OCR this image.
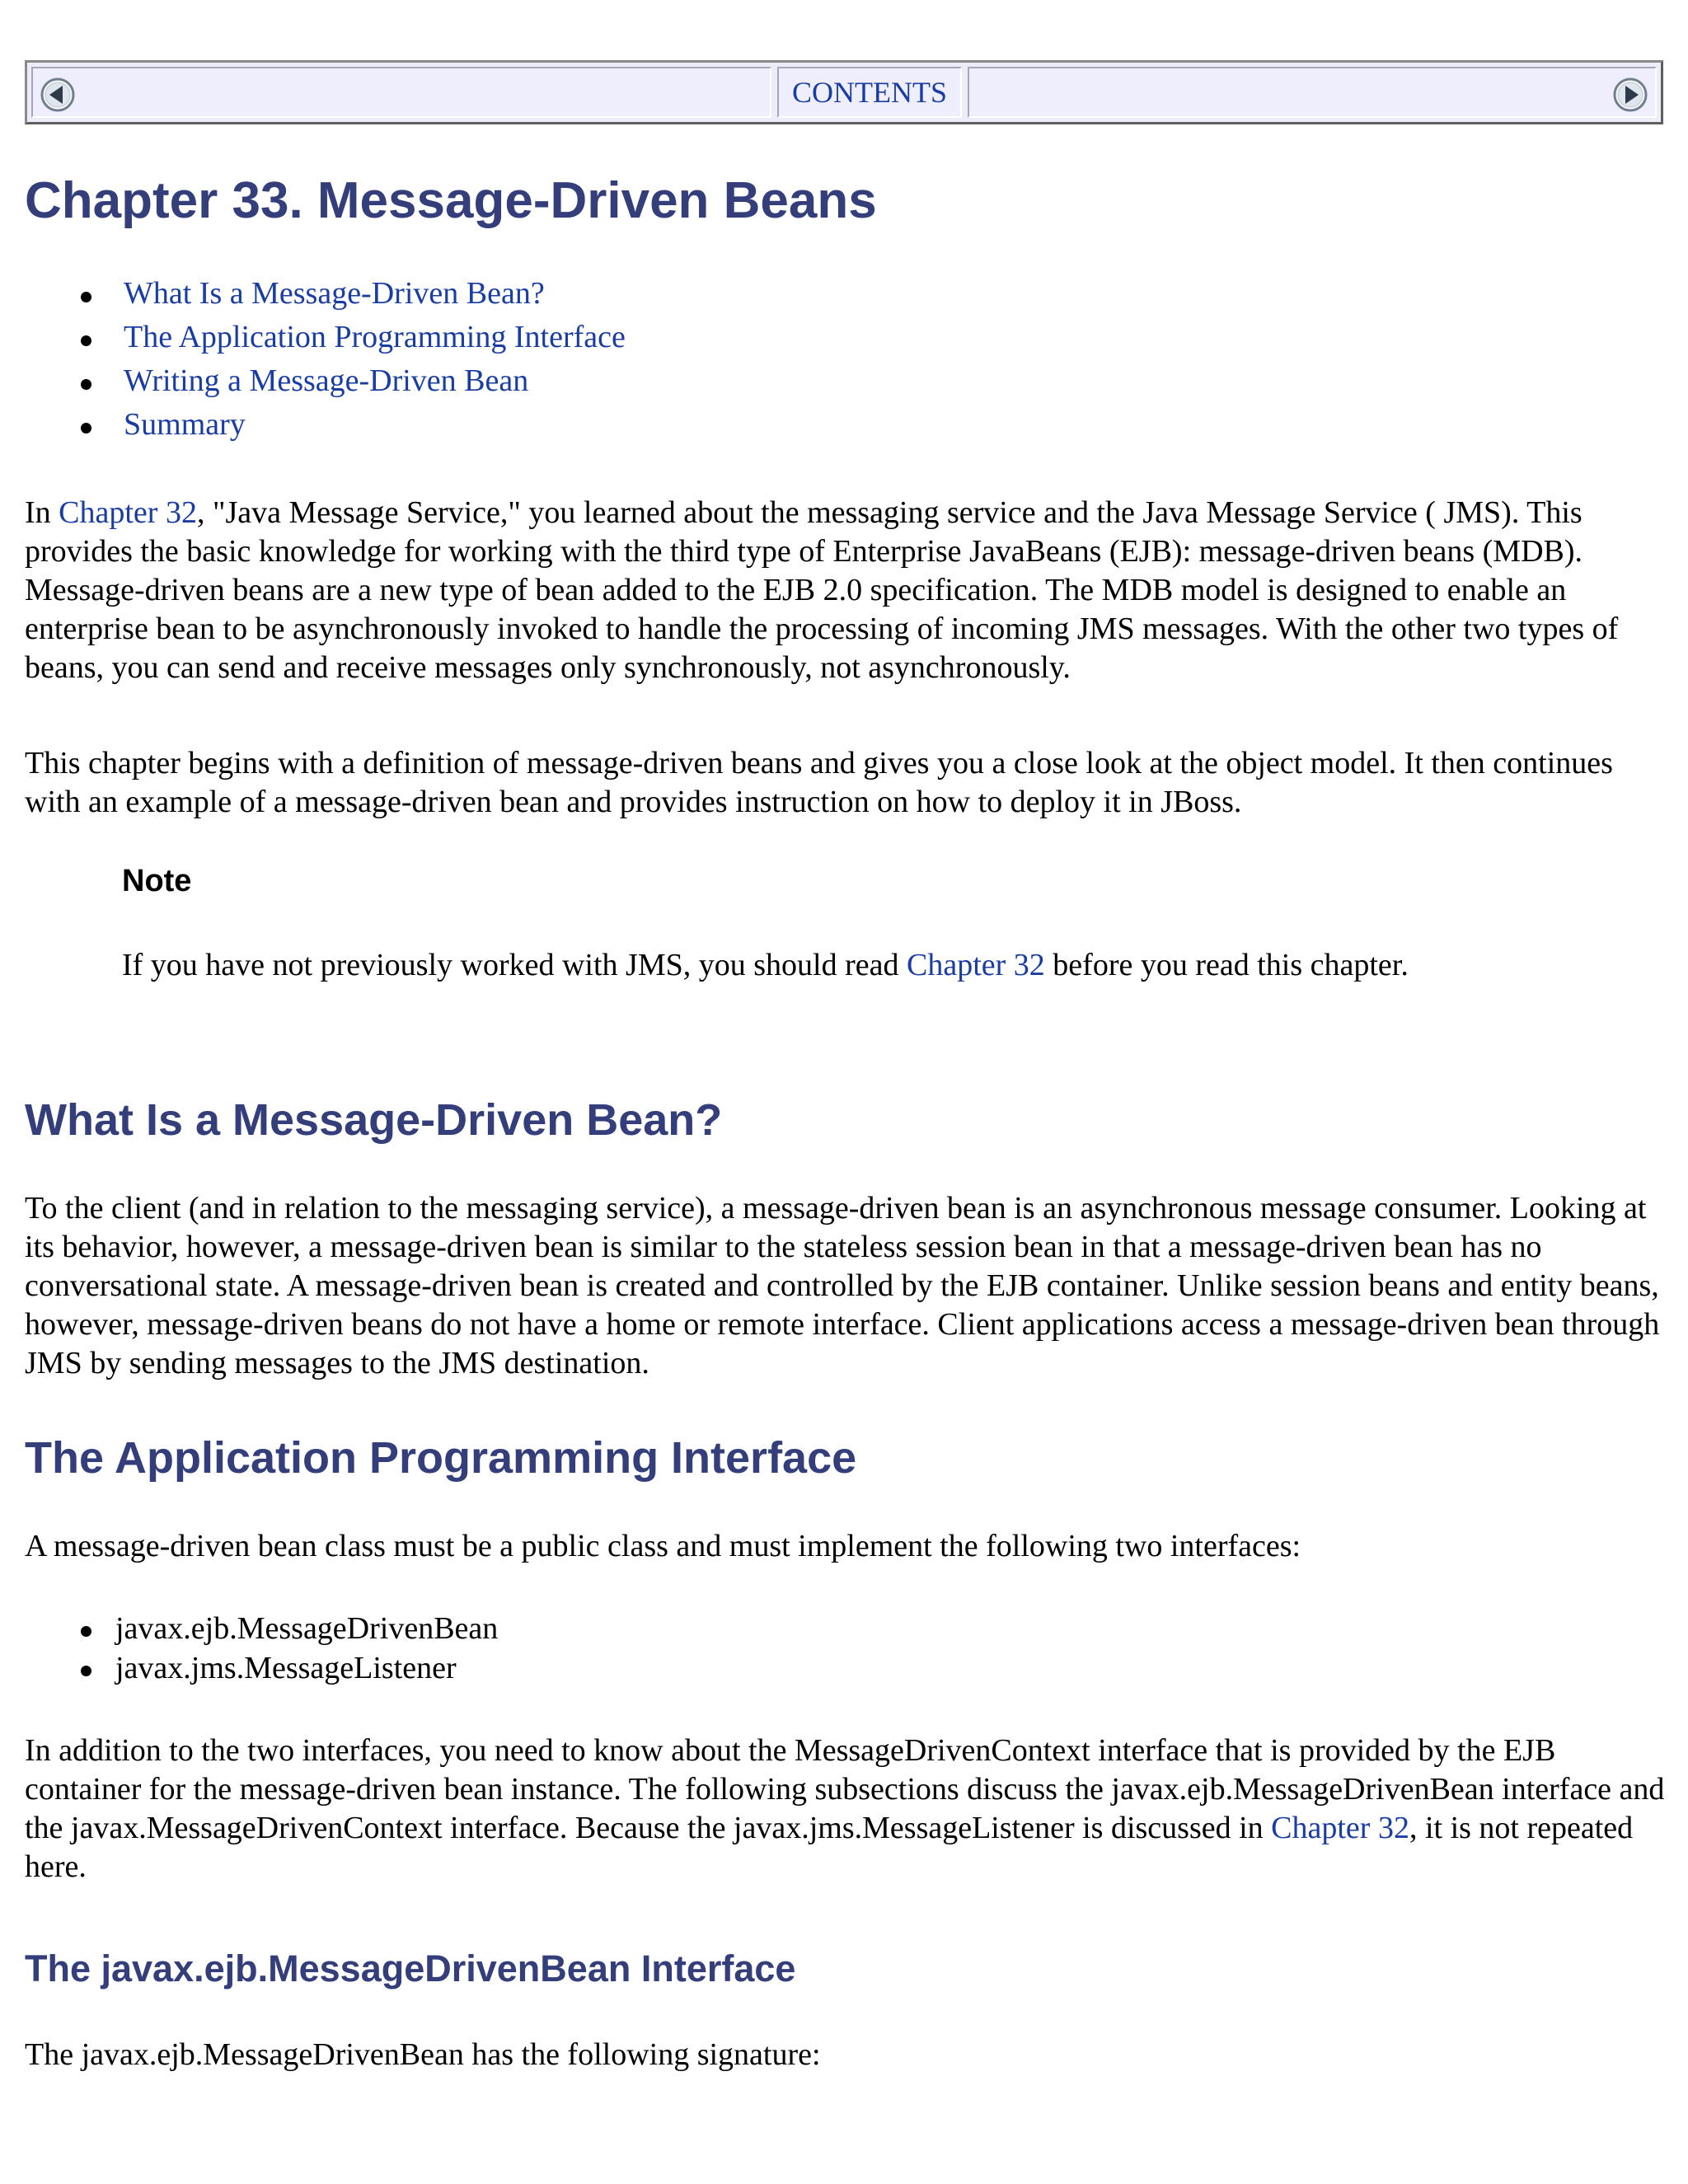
CONTENTS
Chapter 33. Message-Driven Beans
What Is a Message-Driven Bean?
The Application Programming Interface
Writing a Message-Driven Bean
Summary

In Chapter 32, "Java Message Service," you learned about the messaging service and the Java Message Service ( JMS). This provides the basic knowledge for working with the third type of Enterprise JavaBeans (EJB): message-driven beans (MDB). Message-driven beans are a new type of bean added to the EJB 2.0 specification. The MDB model is designed to enable an enterprise bean to be asynchronously invoked to handle the processing of incoming JMS messages. With the other two types of beans, you can send and receive messages only synchronously, not asynchronously.

This chapter begins with a definition of message-driven beans and gives you a close look at the object model. It then continues with an example of a message-driven bean and provides instruction on how to deploy it in JBoss.

Note
If you have not previously worked with JMS, you should read Chapter 32 before you read this chapter.
What Is a Message-Driven Bean?

To the client (and in relation to the messaging service), a message-driven bean is an asynchronous message consumer. Looking at its behavior, however, a message-driven bean is similar to the stateless session bean in that a message-driven bean has no conversational state. A message-driven bean is created and controlled by the EJB container. Unlike session beans and entity beans, however, message-driven beans do not have a home or remote interface. Client applications access a message-driven bean through JMS by sending messages to the JMS destination.

The Application Programming Interface

A message-driven bean class must be a public class and must implement the following two interfaces:

javax.ejb.MessageDrivenBean
javax.jms.MessageListener

In addition to the two interfaces, you need to know about the MessageDrivenContext interface that is provided by the EJB container for the message-driven bean instance. The following subsections discuss the javax.ejb.MessageDrivenBean interface and the javax.MessageDrivenContext interface. Because the javax.jms.MessageListener is discussed in Chapter 32, it is not repeated here.

The javax.ejb.MessageDrivenBean Interface

The javax.ejb.MessageDrivenBean has the following signature:
